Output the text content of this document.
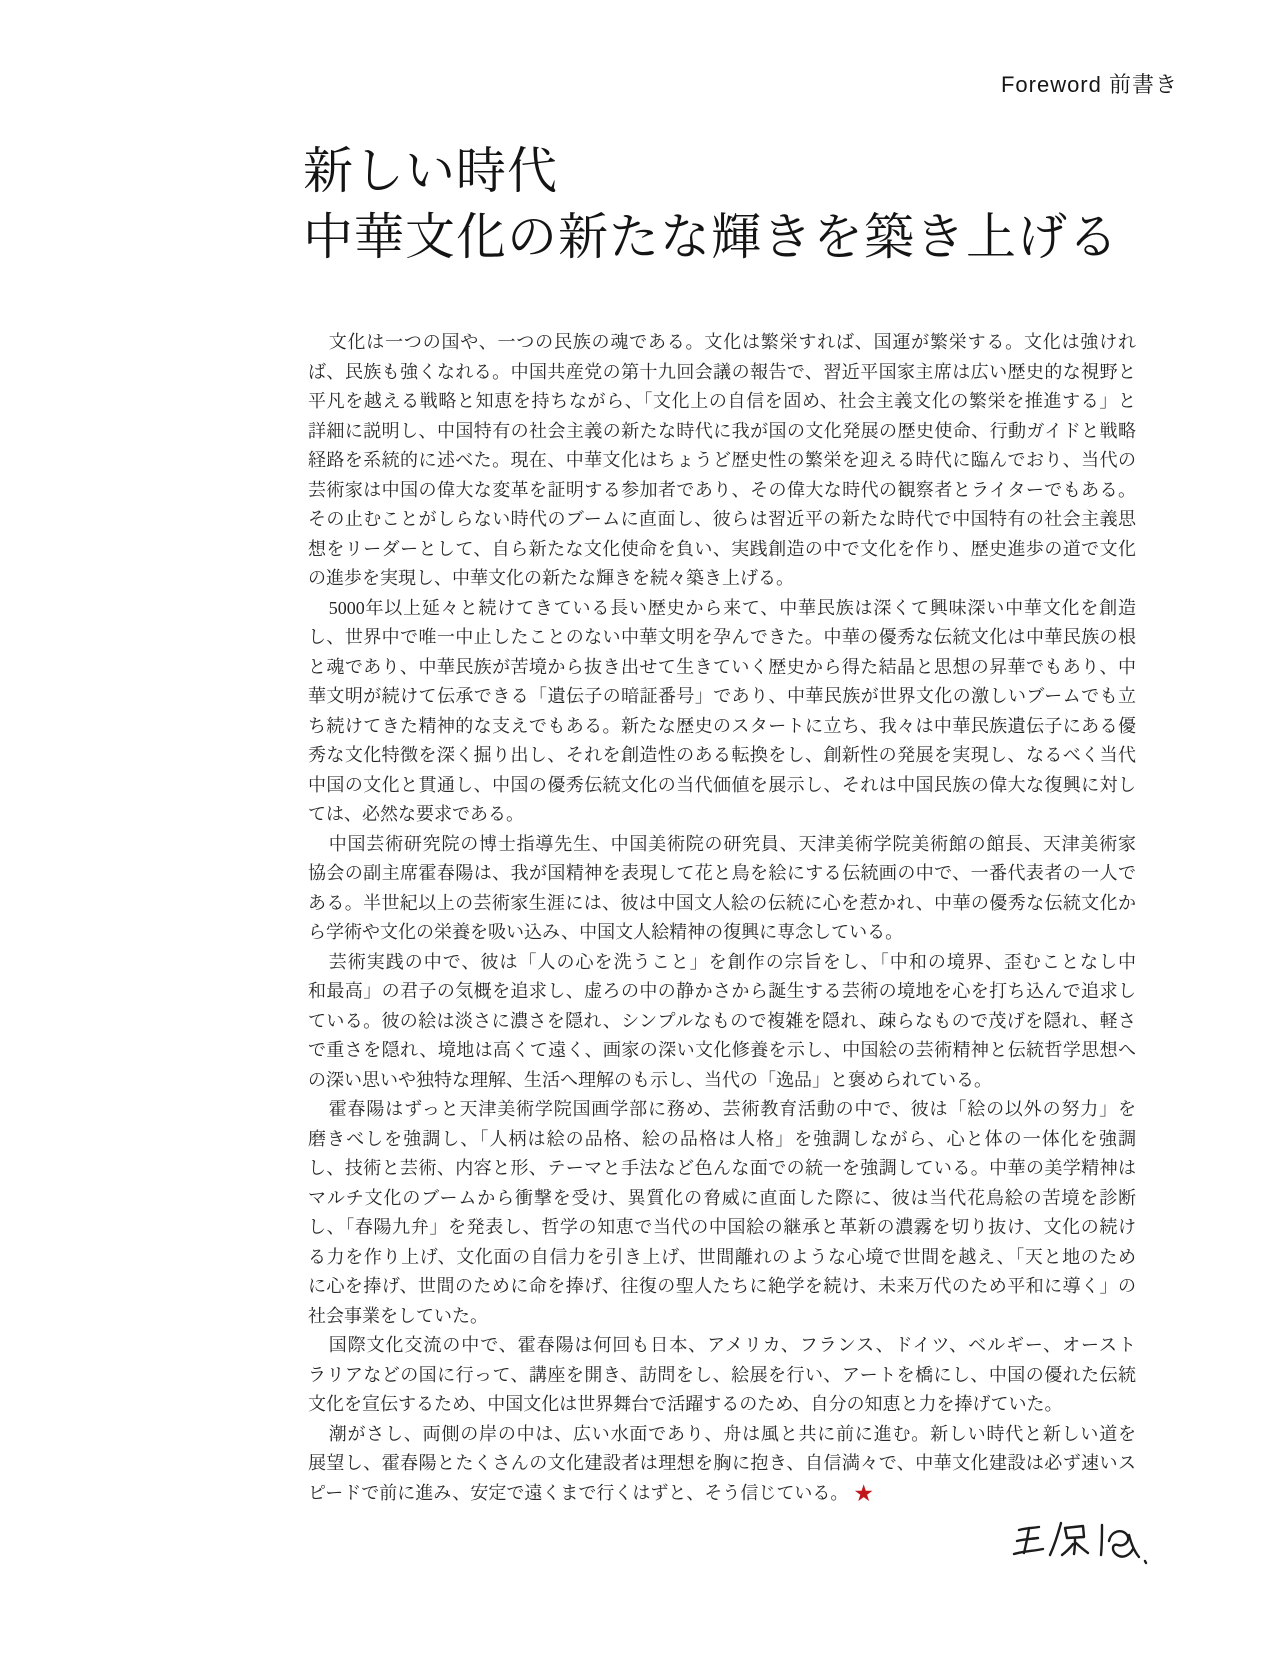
Foreword 前書き
新しい時代
中華文化の新たな輝きを築き上げる
文化は一つの国や、一つの民族の魂である。文化は繁栄すれば、国運が繁栄する。文化は強けれ
ば、民族も強くなれる。中国共産党の第十九回会議の報告で、習近平国家主席は広い歴史的な視野と
平凡を越える戦略と知恵を持ちながら、「文化上の自信を固め、社会主義文化の繁栄を推進する」と
詳細に説明し、中国特有の社会主義の新たな時代に我が国の文化発展の歴史使命、行動ガイドと戦略
経路を系統的に述べた。現在、中華文化はちょうど歴史性の繁栄を迎える時代に臨んでおり、当代の
芸術家は中国の偉大な変革を証明する参加者であり、その偉大な時代の観察者とライターでもある。
その止むことがしらない時代のブームに直面し、彼らは習近平の新たな時代で中国特有の社会主義思
想をリーダーとして、自ら新たな文化使命を負い、実践創造の中で文化を作り、歴史進歩の道で文化
の進歩を実現し、中華文化の新たな輝きを続々築き上げる。
5000年以上延々と続けてきている長い歴史から来て、中華民族は深くて興味深い中華文化を創造
し、世界中で唯一中止したことのない中華文明を孕んできた。中華の優秀な伝統文化は中華民族の根
と魂であり、中華民族が苦境から抜き出せて生きていく歴史から得た結晶と思想の昇華でもあり、中
華文明が続けて伝承できる「遺伝子の暗証番号」であり、中華民族が世界文化の激しいブームでも立
ち続けてきた精神的な支えでもある。新たな歴史のスタートに立ち、我々は中華民族遺伝子にある優
秀な文化特徴を深く掘り出し、それを創造性のある転換をし、創新性の発展を実現し、なるべく当代
中国の文化と貫通し、中国の優秀伝統文化の当代価値を展示し、それは中国民族の偉大な復興に対し
ては、必然な要求である。
中国芸術研究院の博士指導先生、中国美術院の研究員、天津美術学院美術館の館長、天津美術家
協会の副主席霍春陽は、我が国精神を表現して花と鳥を絵にする伝統画の中で、一番代表者の一人で
ある。半世紀以上の芸術家生涯には、彼は中国文人絵の伝統に心を惹かれ、中華の優秀な伝統文化か
ら学術や文化の栄養を吸い込み、中国文人絵精神の復興に専念している。
芸術実践の中で、彼は「人の心を洗うこと」を創作の宗旨をし、「中和の境界、歪むことなし中
和最高」の君子の気概を追求し、虚ろの中の静かさから誕生する芸術の境地を心を打ち込んで追求し
ている。彼の絵は淡さに濃さを隠れ、シンプルなもので複雑を隠れ、疎らなもので茂げを隠れ、軽さ
で重さを隠れ、境地は高くて遠く、画家の深い文化修養を示し、中国絵の芸術精神と伝統哲学思想へ
の深い思いや独特な理解、生活へ理解のも示し、当代の「逸品」と褒められている。
霍春陽はずっと天津美術学院国画学部に務め、芸術教育活動の中で、彼は「絵の以外の努力」を
磨きべしを強調し、「人柄は絵の品格、絵の品格は人格」を強調しながら、心と体の一体化を強調
し、技術と芸術、内容と形、テーマと手法など色んな面での統一を強調している。中華の美学精神は
マルチ文化のブームから衝撃を受け、異質化の脅威に直面した際に、彼は当代花鳥絵の苦境を診断
し、「春陽九弁」を発表し、哲学の知恵で当代の中国絵の継承と革新の濃霧を切り抜け、文化の続け
る力を作り上げ、文化面の自信力を引き上げ、世間離れのような心境で世間を越え、「天と地のため
に心を捧げ、世間のために命を捧げ、往復の聖人たちに絶学を続け、未来万代のため平和に導く」の
社会事業をしていた。
国際文化交流の中で、霍春陽は何回も日本、アメリカ、フランス、ドイツ、ベルギー、オースト
ラリアなどの国に行って、講座を開き、訪問をし、絵展を行い、アートを橋にし、中国の優れた伝統
文化を宣伝するため、中国文化は世界舞台で活躍するのため、自分の知恵と力を捧げていた。
潮がさし、両側の岸の中は、広い水面であり、舟は風と共に前に進む。新しい時代と新しい道を
展望し、霍春陽とたくさんの文化建設者は理想を胸に抱き、自信満々で、中華文化建設は必ず速いス
ピードで前に進み、安定で遠くまで行くはずと、そう信じている。 ★
